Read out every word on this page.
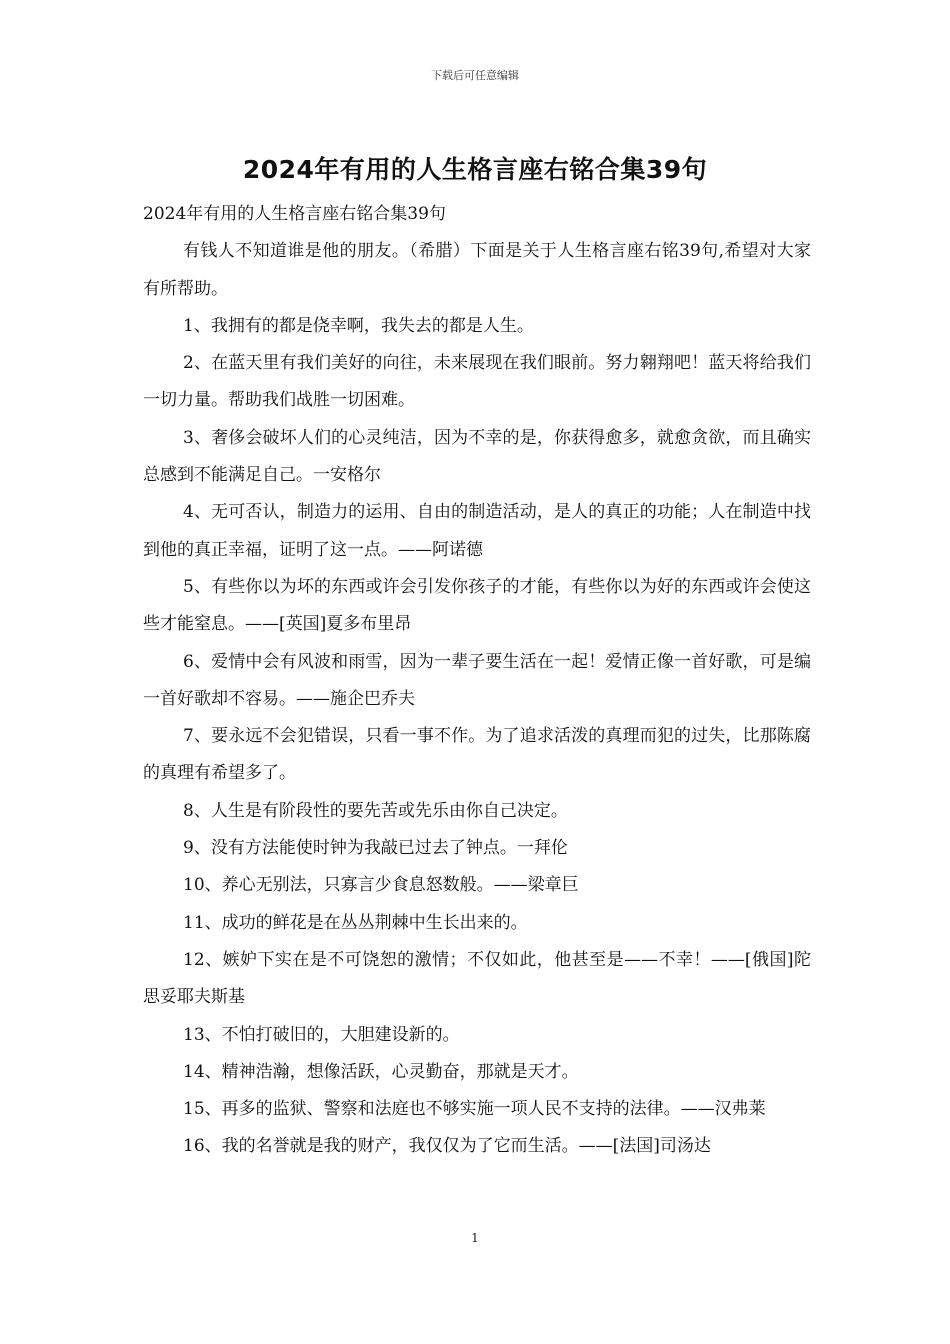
下载后可任意编辑
2024年有用的人生格言座右铭合集39句

2024年有用的人生格言座右铭合集39句

有钱人不知道谁是他的朋友。（希腊）下面是关于人生格言座右铭39句,希望对大家有所帮助。

1、我拥有的都是侥幸啊，我失去的都是人生。

2、在蓝天里有我们美好的向往，未来展现在我们眼前。努力翱翔吧！蓝天将给我们一切力量。帮助我们战胜一切困难。

3、奢侈会破坏人们的心灵纯洁，因为不幸的是，你获得愈多，就愈贪欲，而且确实总感到不能满足自己。一安格尔

4、无可否认，制造力的运用、自由的制造活动，是人的真正的功能；人在制造中找到他的真正幸福，证明了这一点。——阿诺德

5、有些你以为坏的东西或许会引发你孩子的才能，有些你以为好的东西或许会使这些才能窒息。——[英国]夏多布里昂

6、爱情中会有风波和雨雪，因为一辈子要生活在一起！爱情正像一首好歌，可是编一首好歌却不容易。——施企巴乔夫

7、要永远不会犯错误，只看一事不作。为了追求活泼的真理而犯的过失，比那陈腐的真理有希望多了。

8、人生是有阶段性的要先苦或先乐由你自己决定。

9、没有方法能使时钟为我敲已过去了钟点。一拜伦

10、养心无别法，只寡言少食息怒数般。——梁章巨

11、成功的鲜花是在丛丛荆棘中生长出来的。

12、嫉妒下实在是不可饶恕的激情；不仅如此，他甚至是——不幸！——[俄国]陀思妥耶夫斯基

13、不怕打破旧的，大胆建设新的。

14、精神浩瀚，想像活跃，心灵勤奋，那就是天才。

15、再多的监狱、警察和法庭也不够实施一项人民不支持的法律。——汉弗莱

16、我的名誉就是我的财产，我仅仅为了它而生活。——[法国]司汤达

1
